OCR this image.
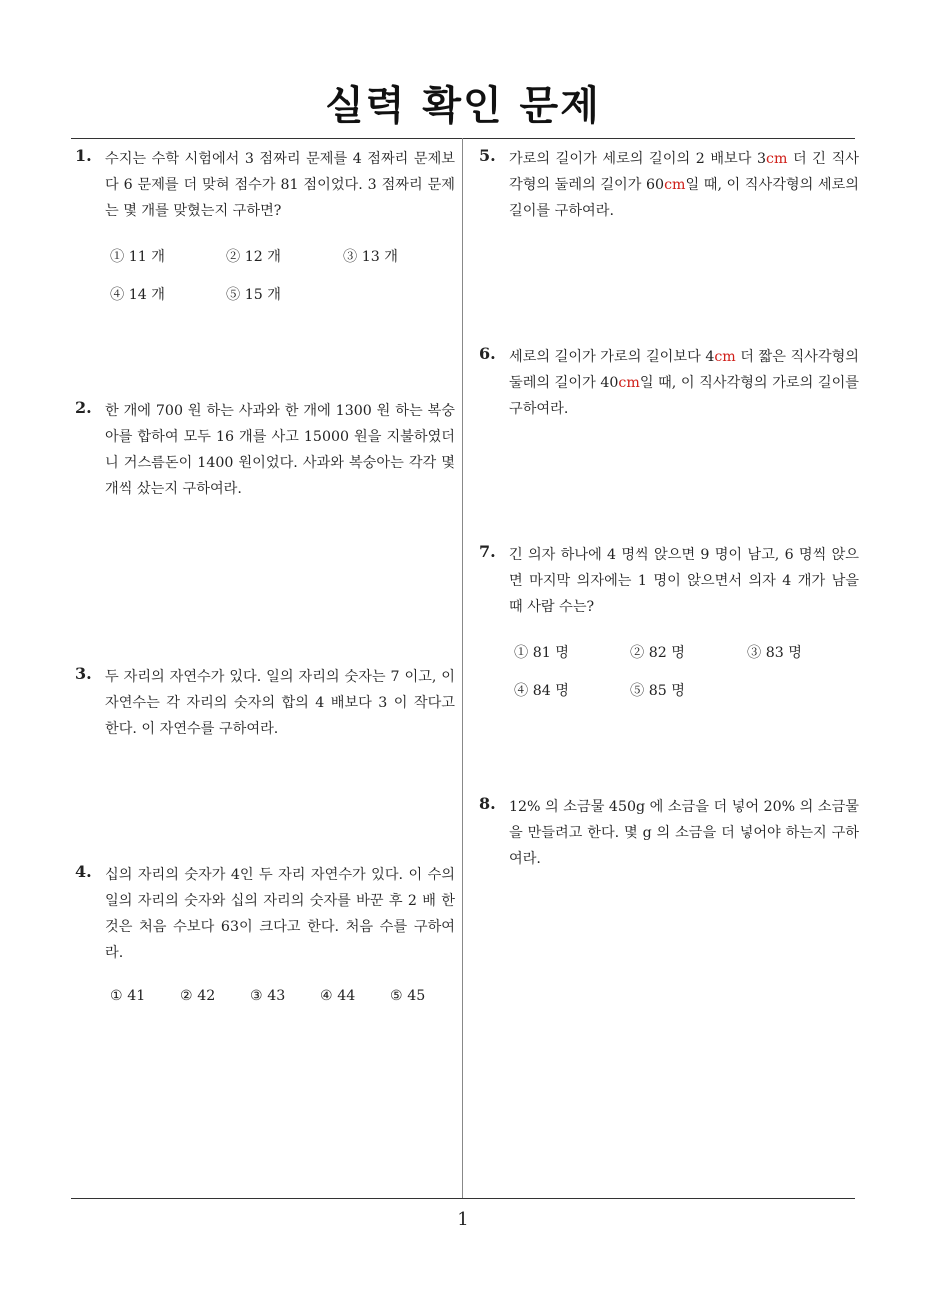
실력 확인 문제
1. 수지는 수학 시험에서 3 점짜리 문제를 4 점짜리 문제보다 6 문제를 더 맞혀 점수가 81 점이었다. 3 점짜리 문제는 몇 개를 맞혔는지 구하면?

① 11 개	② 12 개	③ 13 개
④ 14 개	⑤ 15 개
2. 한 개에 700 원 하는 사과와 한 개에 1300 원 하는 복숭아를 합하여 모두 16 개를 사고 15000 원을 지불하였더니 거스름돈이 1400 원이었다. 사과와 복숭아는 각각 몇 개씩 샀는지 구하여라.

3. 두 자리의 자연수가 있다. 일의 자리의 숫자는 7 이고, 이 자연수는 각 자리의 숫자의 합의 4 배보다 3 이 작다고 한다. 이 자연수를 구하여라.

4. 십의 자리의 숫자가 4인 두 자리 자연수가 있다. 이 수의 일의 자리의 숫자와 십의 자리의 숫자를 바꾼 후 2 배 한 것은 처음 수보다 63이 크다고 한다. 처음 수를 구하여라.

① 41 ② 42 ③ 43 ④ 44 ⑤ 45
5. 가로의 길이가 세로의 길이의 2 배보다 3cm 더 긴 직사각형의 둘레의 길이가 60cm일 때, 이 직사각형의 세로의 길이를 구하여라.

6. 세로의 길이가 가로의 길이보다 4cm 더 짧은 직사각형의 둘레의 길이가 40cm일 때, 이 직사각형의 가로의 길이를 구하여라.

7. 긴 의자 하나에 4 명씩 앉으면 9 명이 남고, 6 명씩 앉으면 마지막 의자에는 1 명이 앉으면서 의자 4 개가 남을 때 사람 수는?

① 81 명	② 82 명	③ 83 명
④ 84 명	⑤ 85 명
8. 12% 의 소금물 450g 에 소금을 더 넣어 20% 의 소금물을 만들려고 한다. 몇 g 의 소금을 더 넣어야 하는지 구하여라.

1
